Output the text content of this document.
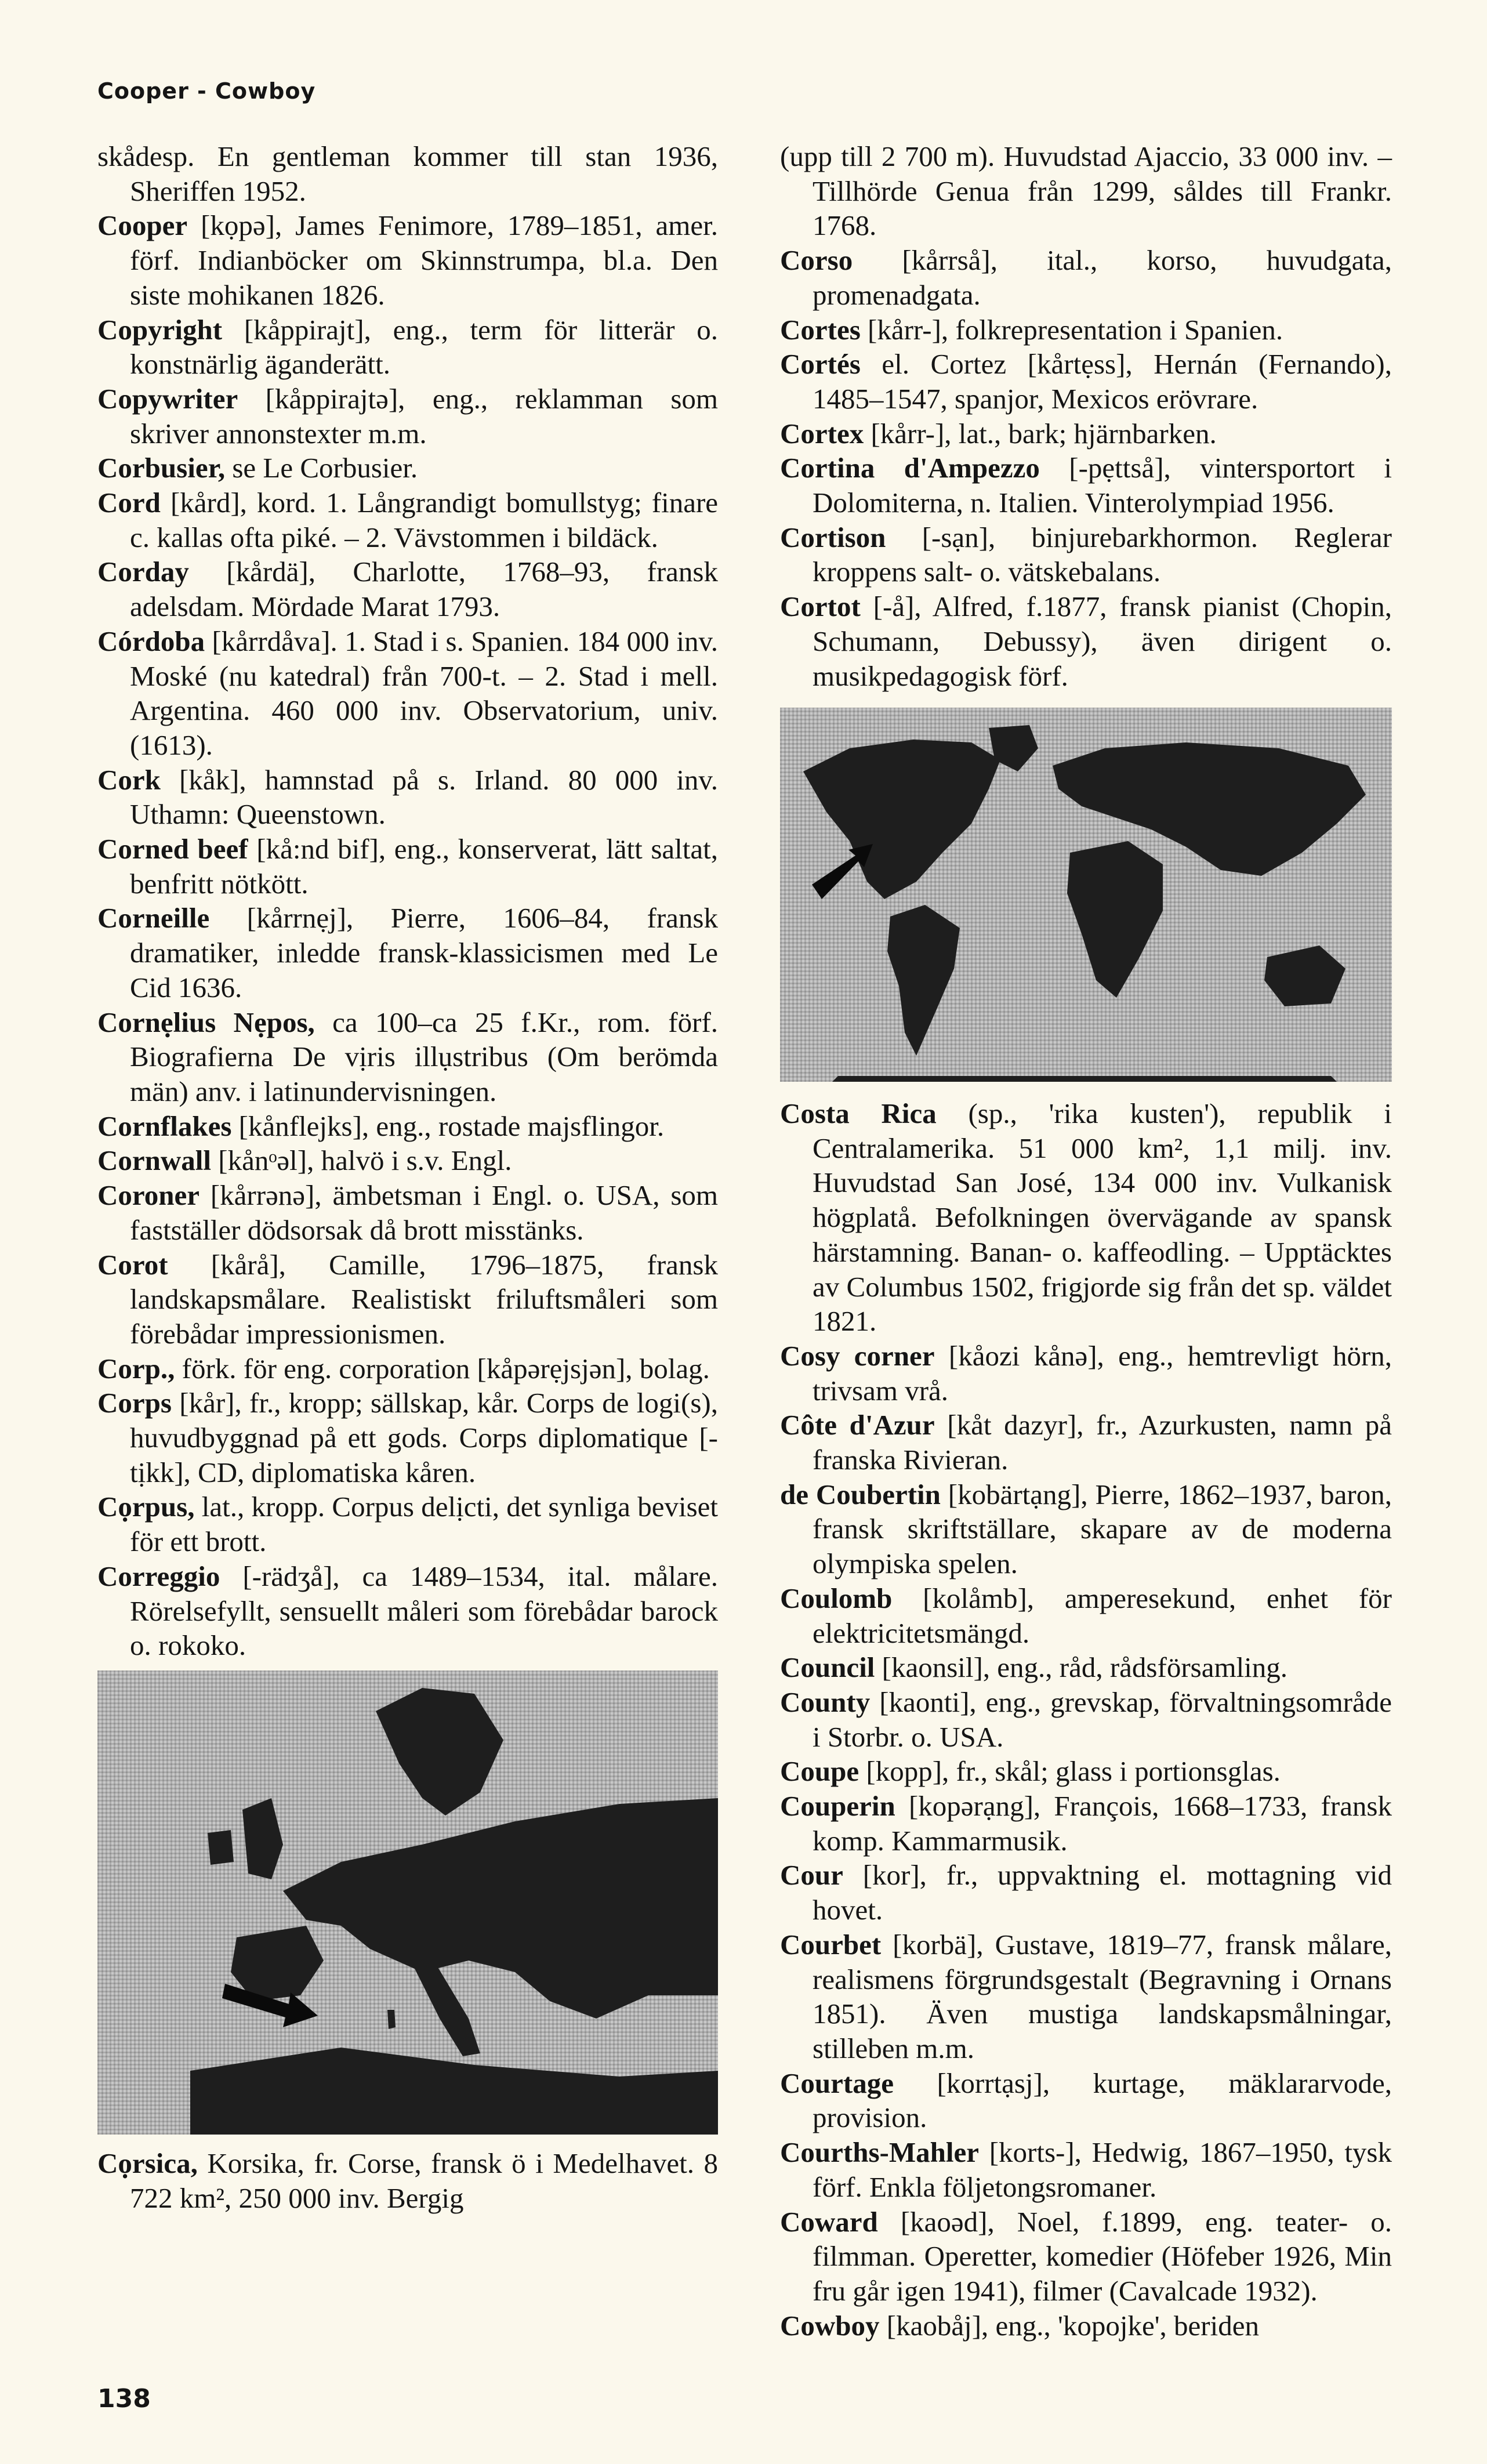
Cooper - Cowboy

skådesp. En gentleman kommer till stan 1936, Sheriffen 1952.

Cooper [kọpə], James Fenimore, 1789–1851, amer. förf. Indianböcker om Skinnstrumpa, bl.a. Den siste mohikanen 1826.

Copyright [kåppirajt], eng., term för litterär o. konstnärlig äganderätt.

Copywriter [kåppirajtə], eng., reklamman som skriver annonstexter m.m.

Corbusier, se Le Corbusier.

Cord [kård], kord. 1. Långrandigt bomullstyg; finare c. kallas ofta piké. – 2. Vävstommen i bildäck.

Corday [kårdä], Charlotte, 1768–93, fransk adelsdam. Mördade Marat 1793.

Córdoba [kårrdåva]. 1. Stad i s. Spanien. 184 000 inv. Moské (nu katedral) från 700-t. – 2. Stad i mell. Argentina. 460 000 inv. Observatorium, univ. (1613).

Cork [kåk], hamnstad på s. Irland. 80 000 inv. Uthamn: Queenstown.

Corned beef [kå:nd bif], eng., konserverat, lätt saltat, benfritt nötkött.

Corneille [kårrnẹj], Pierre, 1606–84, fransk dramatiker, inledde fransk-klassicismen med Le Cid 1636.

Cornẹlius Nẹpos, ca 100–ca 25 f.Kr., rom. förf. Biografierna De vịris illụstribus (Om berömda män) anv. i latinundervisningen.

Cornflakes [kånflejks], eng., rostade majsflingor.

Cornwall [kånᵒəl], halvö i s.v. Engl.

Coroner [kårrənə], ämbetsman i Engl. o. USA, som fastställer dödsorsak då brott misstänks.

Corot [kårå], Camille, 1796–1875, fransk landskapsmålare. Realistiskt friluftsmåleri som förebådar impressionismen.

Corp., förk. för eng. corporation [kåpərẹjsjən], bolag.

Corps [kår], fr., kropp; sällskap, kår. Corps de logi(s), huvudbyggnad på ett gods. Corps diplomatique [-tịkk], CD, diplomatiska kåren.

Cọrpus, lat., kropp. Corpus delịcti, det synliga beviset för ett brott.

Correggio [-rädʒå], ca 1489–1534, ital. målare. Rörelsefyllt, sensuellt måleri som förebådar barock o. rokoko.

(upp till 2 700 m). Huvudstad Ajaccio, 33 000 inv. – Tillhörde Genua från 1299, såldes till Frankr. 1768.

Corso [kårrså], ital., korso, huvudgata, promenadgata.

Cortes [kårr-], folkrepresentation i Spanien.

Cortés el. Cortez [kårtẹss], Hernán (Fernando), 1485–1547, spanjor, Mexicos erövrare.

Cortex [kårr-], lat., bark; hjärnbarken.

Cortina d'Ampezzo [-pẹttså], vintersportort i Dolomiterna, n. Italien. Vinterolympiad 1956.

Cortison [-sạn], binjurebarkhormon. Reglerar kroppens salt- o. vätskebalans.

Cortot [-å], Alfred, f.1877, fransk pianist (Chopin, Schumann, Debussy), även dirigent o. musikpedagogisk förf.

Costa Rica (sp., 'rika kusten'), republik i Centralamerika. 51 000 km², 1,1 milj. inv. Huvudstad San José, 134 000 inv. Vulkanisk högplatå. Befolkningen övervägande av spansk härstamning. Banan- o. kaffeodling. – Upptäcktes av Columbus 1502, frigjorde sig från det sp. väldet 1821.

Cosy corner [kåozi kånə], eng., hemtrevligt hörn, trivsam vrå.

Côte d'Azur [kåt dazyr], fr., Azurkusten, namn på franska Rivieran.

de Coubertin [kobärtạng], Pierre, 1862–1937, baron, fransk skriftställare, skapare av de moderna olympiska spelen.

Coulomb [kolåmb], amperesekund, enhet för elektricitetsmängd.

Council [kaonsil], eng., råd, rådsförsamling.

County [kaonti], eng., grevskap, förvaltningsområde i Storbr. o. USA.

Coupe [kopp], fr., skål; glass i portionsglas.

Couperin [kopərạng], François, 1668–1733, fransk komp. Kammarmusik.

Cour [kor], fr., uppvaktning el. mottagning vid hovet.

Courbet [korbä], Gustave, 1819–77, fransk målare, realismens förgrundsgestalt (Begravning i Ornans 1851). Även mustiga landskapsmålningar, stilleben m.m.

Courtage [korrtạsj], kurtage, mäklararvode, provision.

Courths-Mahler [korts-], Hedwig, 1867–1950, tysk förf. Enkla följetongsromaner.

Coward [kaoəd], Noel, f.1899, eng. teater- o. filmman. Operetter, komedier (Höfeber 1926, Min fru går igen 1941), filmer (Cavalcade 1932).

Cowboy [kaobåj], eng., 'kopojke', beriden

Cọrsica, Korsika, fr. Corse, fransk ö i Medelhavet. 8 722 km², 250 000 inv. Bergig

138
